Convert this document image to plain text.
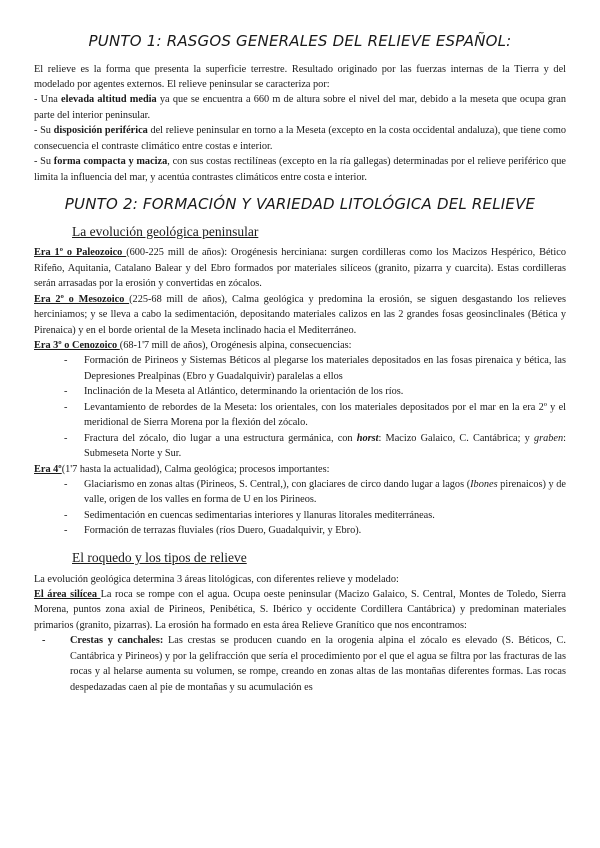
PUNTO 1: RASGOS GENERALES DEL RELIEVE ESPAÑOL:

El relieve es la forma que presenta la superficie terrestre. Resultado originado por las fuerzas internas de la Tierra y del modelado por agentes externos. El relieve peninsular se caracteriza por:

- Una elevada altitud media ya que se encuentra a 660 m de altura sobre el nivel del mar, debido a la meseta que ocupa gran parte del interior peninsular.

- Su disposición periférica del relieve peninsular en torno a la Meseta (excepto en la costa occidental andaluza), que tiene como consecuencia el contraste climático entre costas e interior.

- Su forma compacta y maciza, con sus costas rectilíneas (excepto en la ría gallegas) determinadas por el relieve periférico que limita la influencia del mar, y acentúa contrastes climáticos entre costa e interior.

PUNTO 2: FORMACIÓN Y VARIEDAD LITOLÓGICA DEL RELIEVE
La evolución geológica peninsular

Era 1º o Paleozoico (600-225 mill de años): Orogénesis herciniana: surgen cordilleras como los Macizos Hespérico, Bético Rifeño, Aquitania, Catalano Balear y del Ebro formados por materiales silíceos (granito, pizarra y cuarcita). Estas cordilleras serán arrasadas por la erosión y convertidas en zócalos.

Era 2º o Mesozoico (225-68 mill de años), Calma geológica y predomina la erosión, se siguen desgastando los relieves herciniamos; y se lleva a cabo la sedimentación, depositando materiales calizos en las 2 grandes fosas geosinclinales (Bética y Pirenaica) y en el borde oriental de la Meseta inclinado hacia el Mediterráneo.

Era 3º o Cenozoico (68-1'7 mill de años), Orogénesis alpina, consecuencias:

- Formación de Pirineos y Sistemas Béticos al plegarse los materiales depositados en las fosas pirenaica y bética, las Depresiones Prealpinas (Ebro y Guadalquivir) paralelas a ellos
- Inclinación de la Meseta al Atlántico, determinando la orientación de los ríos.
- Levantamiento de rebordes de la Meseta: los orientales, con los materiales depositados por el mar en la era 2º y el meridional de Sierra Morena por la flexión del zócalo.
- Fractura del zócalo, dio lugar a una estructura germánica, con horst: Macizo Galaico, C. Cantábrica; y graben: Submeseta Norte y Sur.

Era 4º(1'7 hasta la actualidad), Calma geológica; procesos importantes:

- Glaciarismo en zonas altas (Pirineos, S. Central,), con glaciares de circo dando lugar a lagos (Ibones pirenaicos) y de valle, origen de los valles en forma de U en los Pirineos.
- Sedimentación en cuencas sedimentarias interiores y llanuras litorales mediterráneas.
- Formación de terrazas fluviales (ríos Duero, Guadalquivir, y Ebro).
El roquedo y los tipos de relieve

La evolución geológica determina 3 áreas litológicas, con diferentes relieve y modelado:

El área silícea La roca se rompe con el agua. Ocupa oeste peninsular (Macizo Galaico, S. Central, Montes de Toledo, Sierra Morena, puntos zona axial de Pirineos, Penibética, S. Ibérico y occidente Cordillera Cantábrica) y predominan materiales primarios (granito, pizarras). La erosión ha formado en esta área Relieve Granítico que nos encontramos:

- Crestas y canchales: Las crestas se producen cuando en la orogenia alpina el zócalo es elevado (S. Béticos, C. Cantábrica y Pirineos) y por la gelifracción que sería el procedimiento por el que el agua se filtra por las fracturas de las rocas y al helarse aumenta su volumen, se rompe, creando en zonas altas de las montañas diferentes formas. Las rocas despedazadas caen al pie de montañas y su acumulación es
